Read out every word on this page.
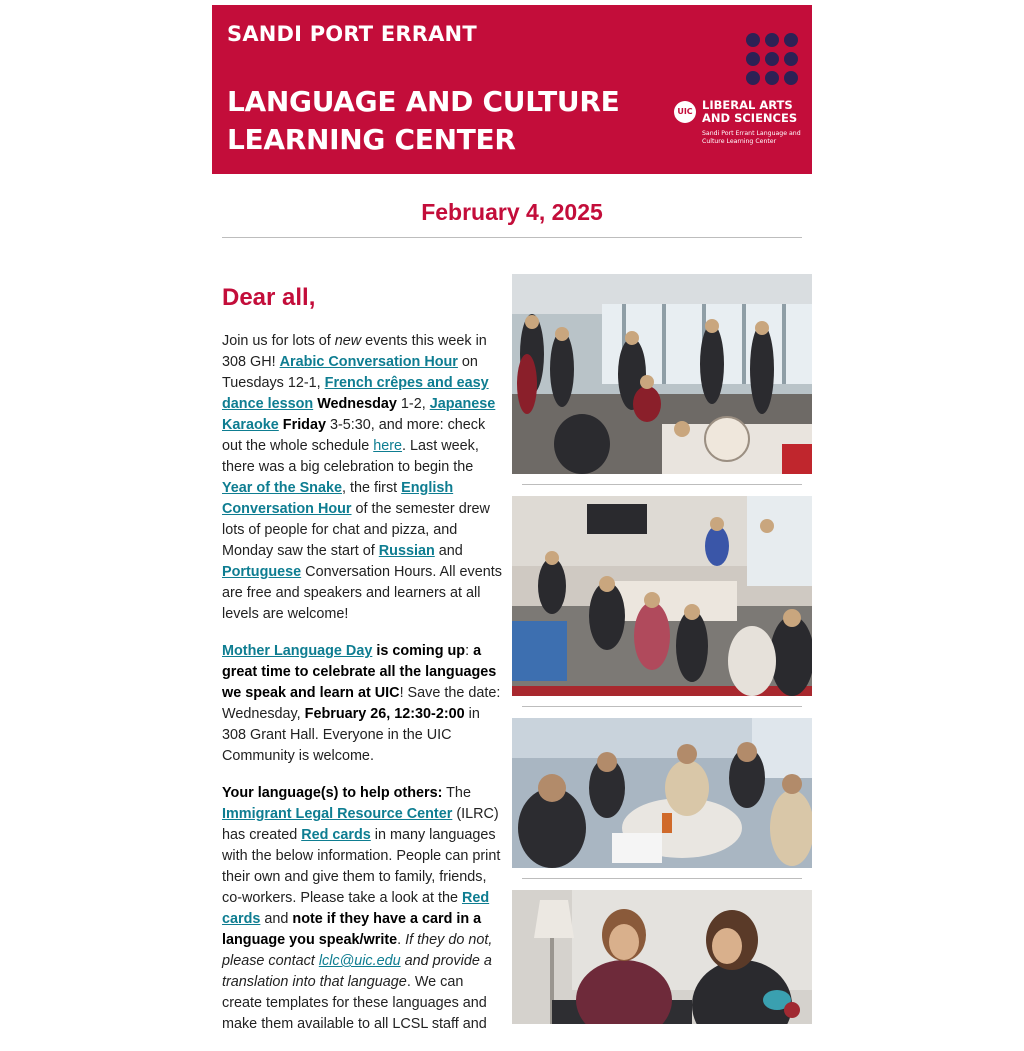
SANDI PORT ERRANT
LANGUAGE AND CULTURE
LEARNING CENTER
UIC LIBERAL ARTS
AND SCIENCES
Sandi Port Errant Language and Culture Learning Center
February 4, 2025
Dear all,

Join us for lots of new events this week in 308 GH! Arabic Conversation Hour on Tuesdays 12-1, French crêpes and easy dance lesson Wednesday 1-2, Japanese Karaoke Friday 3-5:30, and more: check out the whole schedule here. Last week, there was a big celebration to begin the Year of the Snake, the first English Conversation Hour of the semester drew lots of people for chat and pizza, and Monday saw the start of Russian and Portuguese Conversation Hours. All events are free and speakers and learners at all levels are welcome!

Mother Language Day is coming up: a great time to celebrate all the languages we speak and learn at UIC! Save the date: Wednesday, February 26, 12:30-2:00 in 308 Grant Hall. Everyone in the UIC Community is welcome.

Your language(s) to help others: The Immigrant Legal Resource Center (ILRC) has created Red cards in many languages with the below information. People can print their own and give them to family, friends, co-workers. Please take a look at the Red cards and note if they have a card in a language you speak/write. If they do not, please contact lclc@uic.edu and provide a translation into that language. We can create templates for these languages and make them available to all LCSL staff and
